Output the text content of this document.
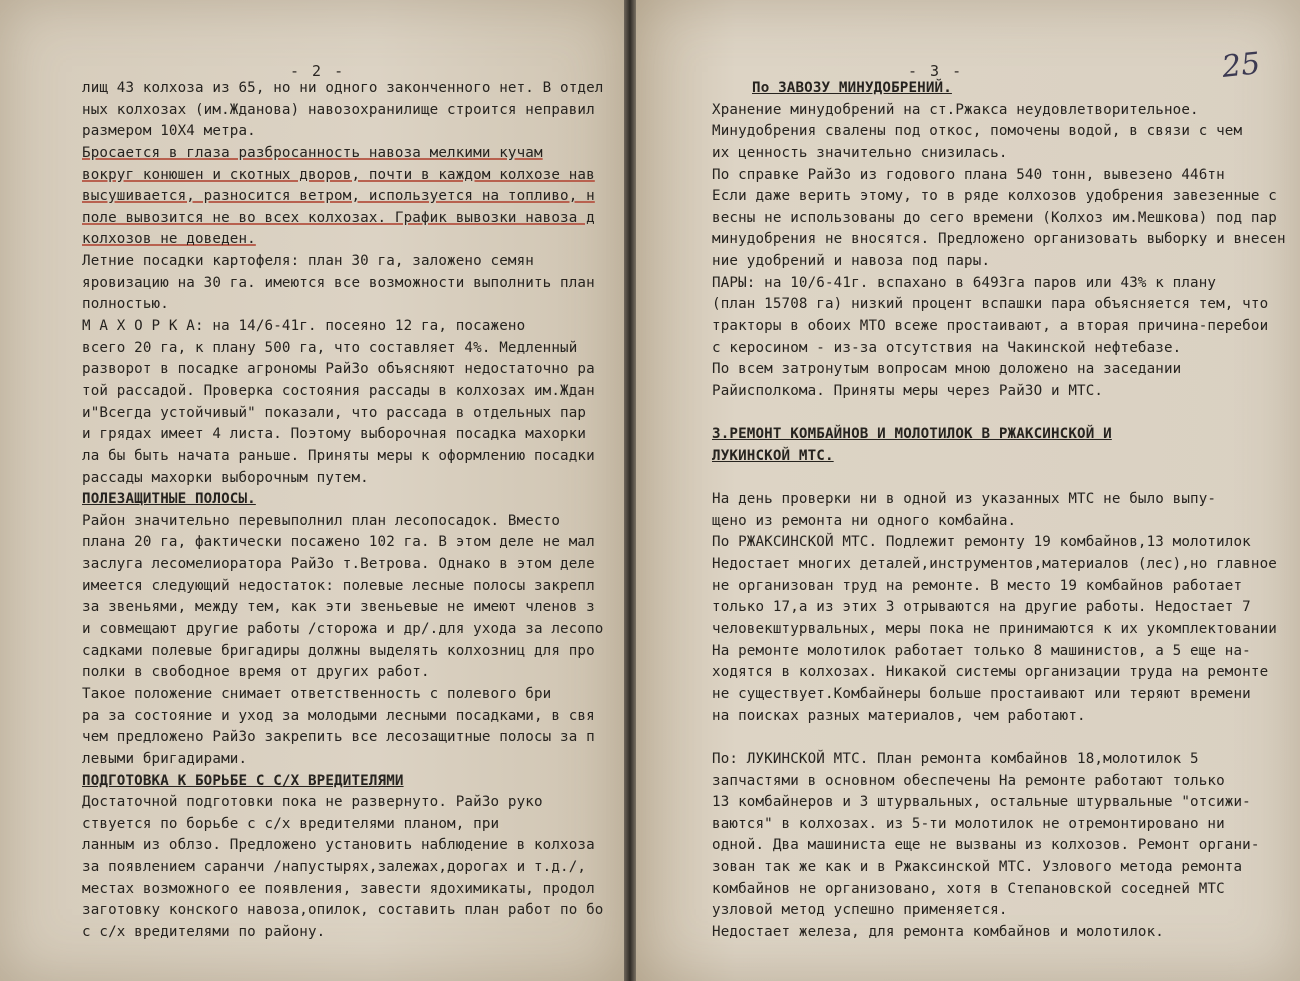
- 2 -
лищ 43 колхоза из 65, но ни одного законченного нет. В отдел
ных колхозах (им.Жданова) навозохранилище строится неправил
размером 10Х4 метра.
Бросается в глаза разбросанность навоза мелкими кучам
вокруг конюшен и скотных дворов, почти в каждом колхозе нав
высушивается, разносится ветром, используется на топливо, н
поле вывозится не во всех колхозах. График вывозки навоза д
колхозов не доведен.
Летние посадки картофеля: план 30 га, заложено семян
яровизацию на 30 га. имеются все возможности выполнить план
полностью.
М А Х О Р К А: на 14/6-41г. посеяно 12 га, посажено
всего 20 га, к плану 500 га, что составляет 4%. Медленный
разворот в посадке агрономы РайЗо объясняют недостаточно ра
той рассадой. Проверка состояния рассады в колхозах им.Ждан
и"Всегда устойчивый" показали, что рассада в отдельных пар
и грядах имеет 4 листа. Поэтому выборочная посадка махорки
ла бы быть начата раньше. Приняты меры к оформлению посадки
рассады махорки выборочным путем.
ПОЛЕЗАЩИТНЫЕ ПОЛОСЫ.
Район значительно перевыполнил план лесопосадок. Вместо
плана 20 га, фактически посажено 102 га. В этом деле не мал
заслуга лесомелиоратора РайЗо т.Ветрова. Однако в этом деле
имеется следующий недостаток: полевые лесные полосы закрепл
за звеньями, между тем, как эти звеньевые не имеют членов з
и совмещают другие работы /сторожа и др/.для ухода за лесопо
садками полевые бригадиры должны выделять колхозниц для про
полки в свободное время от других работ.
Такое положение снимает ответственность с полевого бри
ра за состояние и уход за молодыми лесными посадками, в свя
чем предложено РайЗо закрепить все лесозащитные полосы за п
левыми бригадирами.
ПОДГОТОВКА К БОРЬБЕ С С/Х ВРЕДИТЕЛЯМИ
Достаточной подготовки пока не развернуто. РайЗо руко
ствуется по борьбе с с/х вредителями планом, при
ланным из облзо. Предложено установить наблюдение в колхоза
за появлением саранчи /напустырях,залежах,дорогах и т.д./,
местах возможного ее появления, завести ядохимикаты, продол
заготовку конского навоза,опилок, составить план работ по бо
с с/х вредителями по району.
- 3 -	25
По ЗАВОЗУ МИНУДОБРЕНИЙ.
Хранение минудобрений на ст.Ржакса неудовлетворительное.
Минудобрения свалены под откос, помочены водой, в связи с чем
их ценность значительно снизилась.
По справке РайЗо из годового плана 540 тонн, вывезено 446тн
Если даже верить этому, то в ряде колхозов удобрения завезенные с
весны не использованы до сего времени (Колхоз им.Мешкова) под пар
минудобрения не вносятся. Предложено организовать выборку и внесен
ние удобрений и навоза под пары.
ПАРЫ: на 10/6-41г. вспахано в 6493га паров или 43% к плану
(план 15708 га) низкий процент вспашки пара объясняется тем, что
тракторы в обоих МТО всеже простаивают, а вторая причина-перебои
с керосином - из-за отсутствия на Чакинской нефтебазе.
По всем затронутым вопросам мною доложено на заседании
Райисполкома. Приняты меры через РайЗО и МТС.
3.РЕМОНТ КОМБАЙНОВ И МОЛОТИЛОК В РЖАКСИНСКОЙ И
ЛУКИНСКОЙ МТС.
На день проверки ни в одной из указанных МТС не было выпу-
щено из ремонта ни одного комбайна.
По РЖАКСИНСКОЙ МТС. Подлежит ремонту 19 комбайнов,13 молотилок
Недостает многих деталей,инструментов,материалов (лес),но главное
не организован труд на ремонте. В место 19 комбайнов работает
только 17,а из этих 3 отрываются на другие работы. Недостает 7
человекштурвальных, меры пока не принимаются к их укомплектовании
На ремонте молотилок работает только 8 машинистов, а 5 еще на-
ходятся в колхозах. Никакой системы организации труда на ремонте
не существует.Комбайнеры больше простаивают или теряют времени
на поисках разных материалов, чем работают.
По: ЛУКИНСКОЙ МТС. План ремонта комбайнов 18,молотилок 5
запчастями в основном обеспечены На ремонте работают только
13 комбайнеров и 3 штурвальных, остальные штурвальные "отсижи-
ваются" в колхозах. из 5-ти молотилок не отремонтировано ни
одной. Два машиниста еще не вызваны из колхозов. Ремонт органи-
зован так же как и в Ржаксинской МТС. Узлового метода ремонта
комбайнов не организовано, хотя в Степановской соседней МТС
узловой метод успешно применяется.
Недостает железа, для ремонта комбайнов и молотилок.
